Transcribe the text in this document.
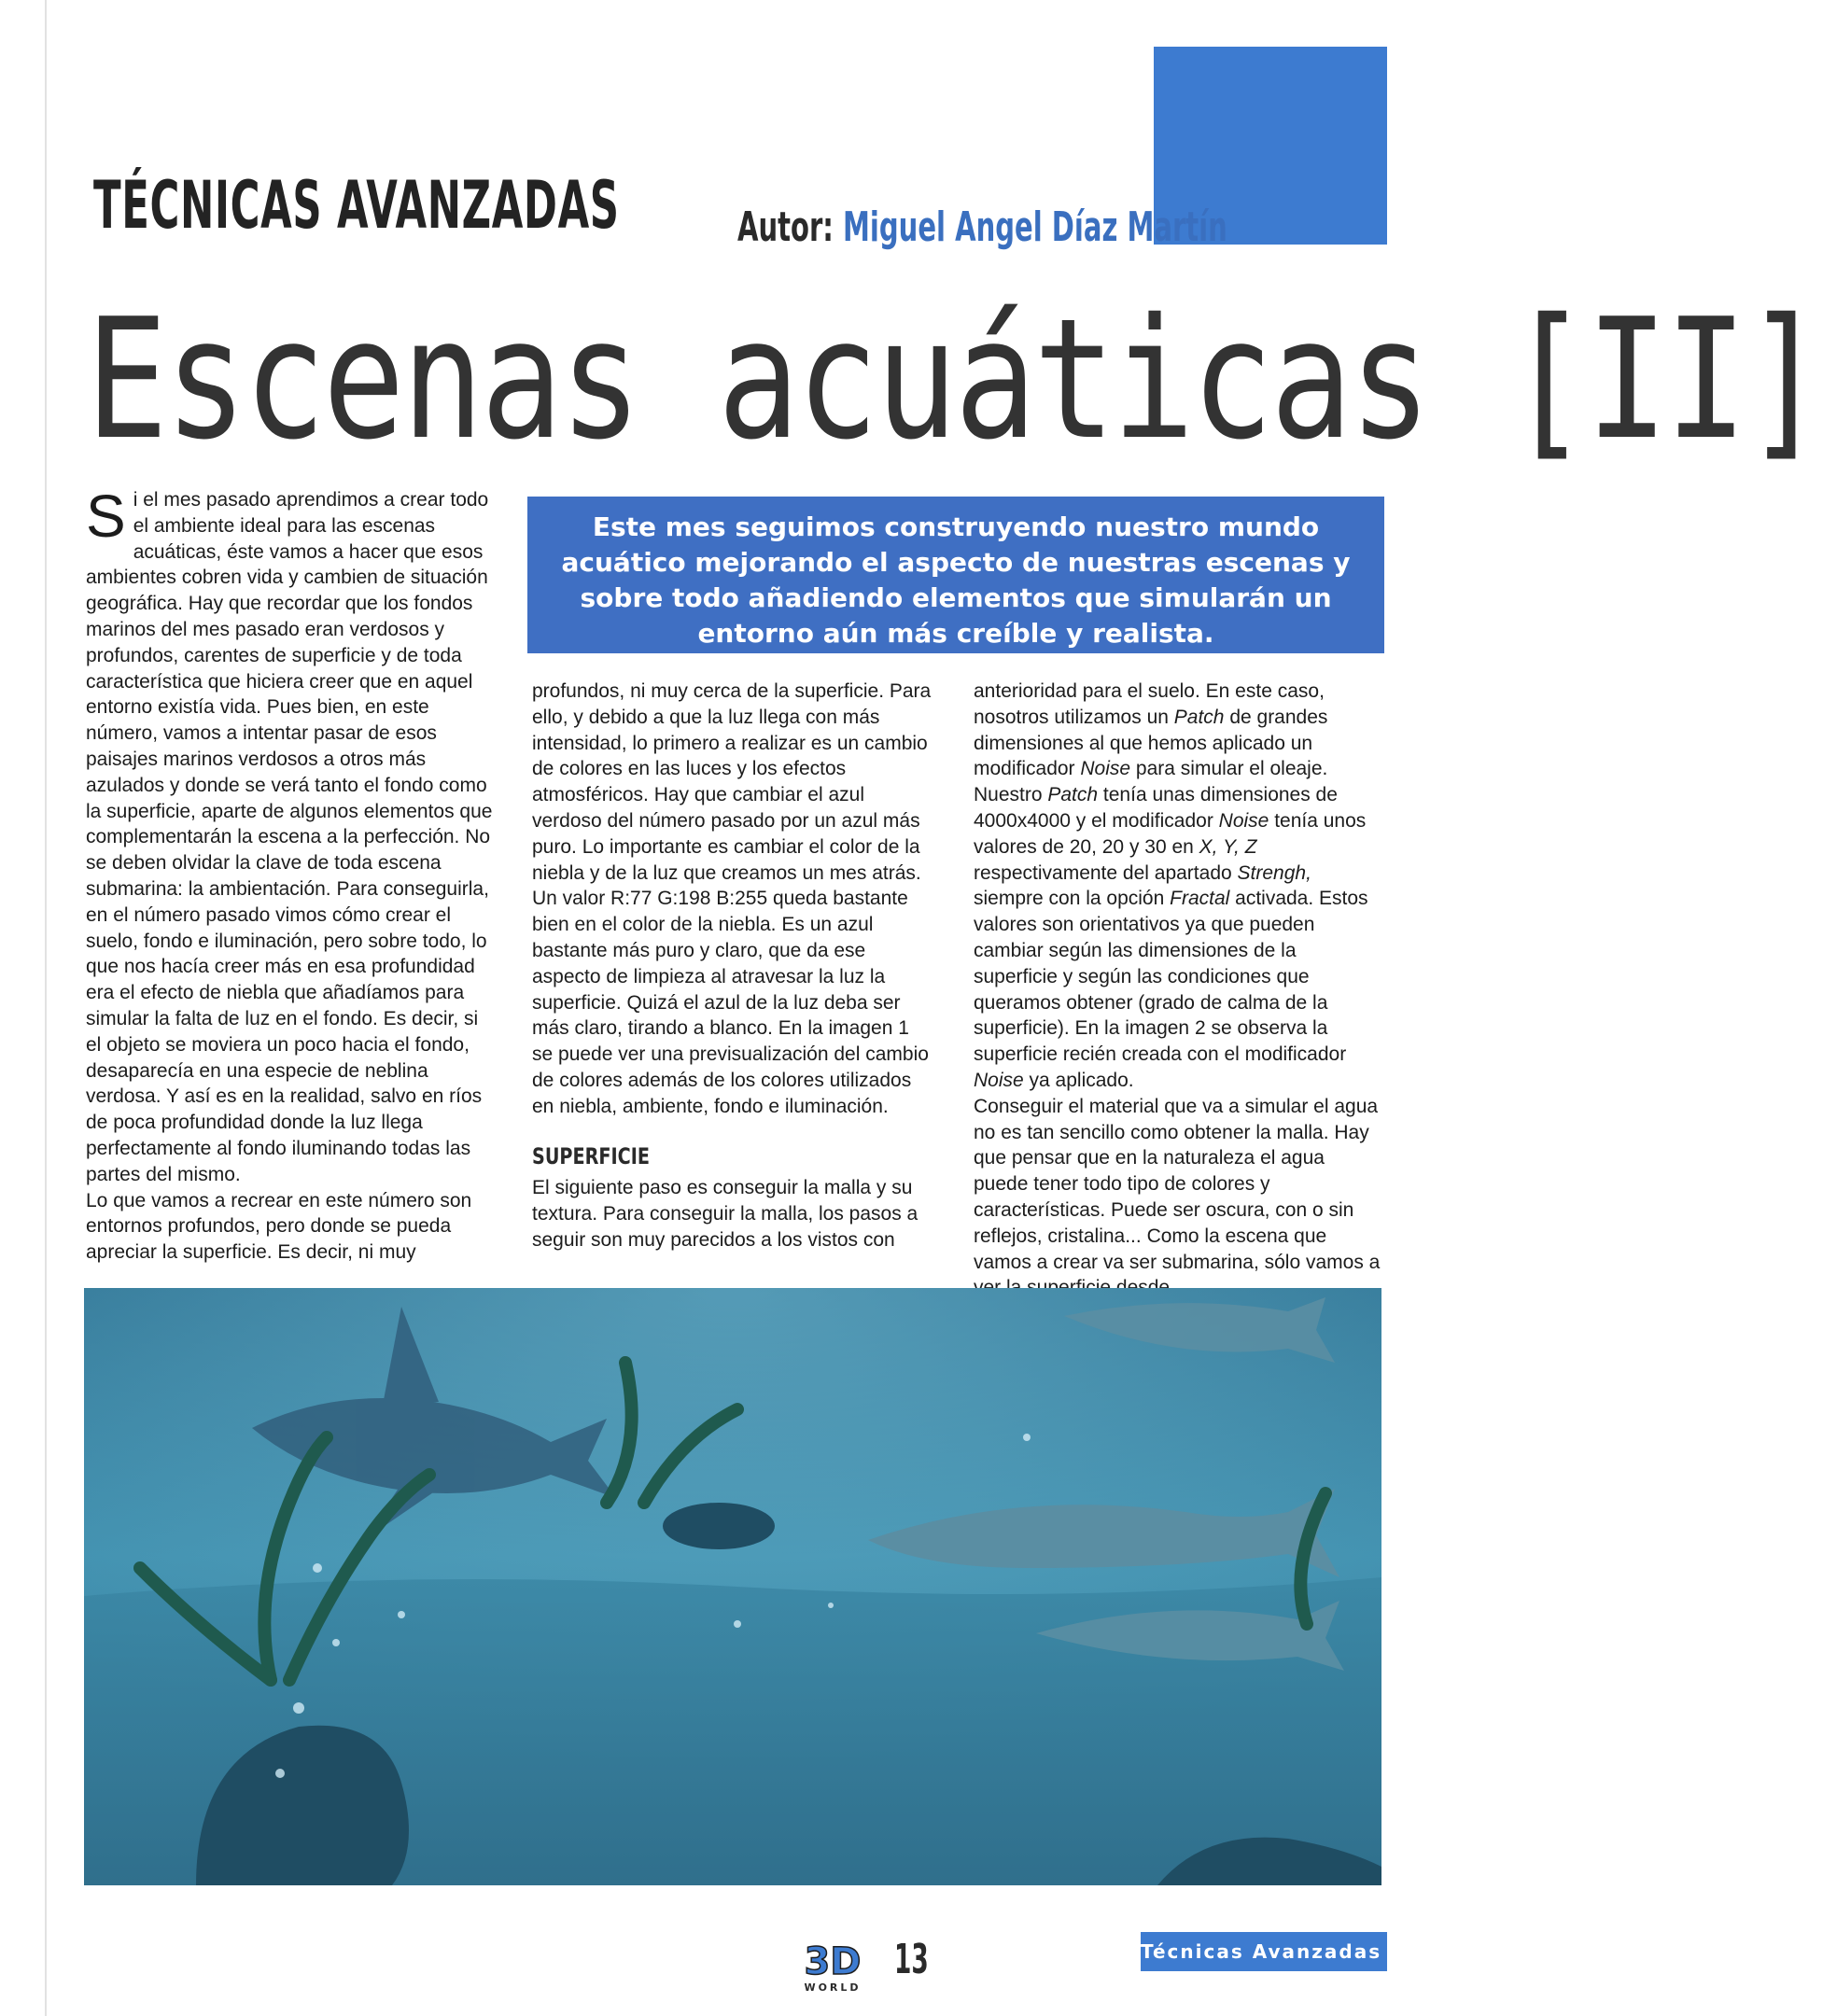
TÉCNICAS AVANZADAS	Autor: Miguel Angel Díaz Martín
Escenas acuáticas [II]
Este mes seguimos construyendo nuestro mundo acuático mejorando el aspecto de nuestras escenas y sobre todo añadiendo elementos que simularán un entorno aún más creíble y realista.
S i el mes pasado aprendimos a crear todo el ambiente ideal para las escenas acuáticas, éste vamos a hacer que esos ambientes cobren vida y cambien de situación geográfica. Hay que recordar que los fondos marinos del mes pasado eran verdosos y profundos, carentes de superficie y de toda característica que hiciera creer que en aquel entorno existía vida. Pues bien, en este número, vamos a intentar pasar de esos paisajes marinos verdosos a otros más azulados y donde se verá tanto el fondo como la superficie, aparte de algunos elementos que complementarán la escena a la perfección. No se deben olvidar la clave de toda escena submarina: la ambientación. Para conseguirla, en el número pasado vimos cómo crear el suelo, fondo e iluminación, pero sobre todo, lo que nos hacía creer más en esa profundidad era el efecto de niebla que añadíamos para simular la falta de luz en el fondo. Es decir, si el objeto se moviera un poco hacia el fondo, desaparecía en una especie de neblina verdosa. Y así es en la realidad, salvo en ríos de poca profundidad donde la luz llega perfectamente al fondo iluminando todas las partes del mismo.

Lo que vamos a recrear en este número son entornos profundos, pero donde se pueda apreciar la superficie. Es decir, ni muy

profundos, ni muy cerca de la superficie. Para ello, y debido a que la luz llega con más intensidad, lo primero a realizar es un cambio de colores en las luces y los efectos atmosféricos. Hay que cambiar el azul verdoso del número pasado por un azul más puro. Lo importante es cambiar el color de la niebla y de la luz que creamos un mes atrás. Un valor R:77 G:198 B:255 queda bastante bien en el color de la niebla. Es un azul bastante más puro y claro, que da ese aspecto de limpieza al atravesar la luz la superficie. Quizá el azul de la luz deba ser más claro, tirando a blanco. En la imagen 1 se puede ver una previsualización del cambio de colores además de los colores utilizados en niebla, ambiente, fondo e iluminación.

SUPERFICIE

El siguiente paso es conseguir la malla y su textura. Para conseguir la malla, los pasos a seguir son muy parecidos a los vistos con

anterioridad para el suelo. En este caso, nosotros utilizamos un Patch de grandes dimensiones al que hemos aplicado un modificador Noise para simular el oleaje. Nuestro Patch tenía unas dimensiones de 4000x4000 y el modificador Noise tenía unos valores de 20, 20 y 30 en X, Y, Z respectivamente del apartado Strengh, siempre con la opción Fractal activada. Estos valores son orientativos ya que pueden cambiar según las dimensiones de la superficie y según las condiciones que queramos obtener (grado de calma de la superficie). En la imagen 2 se observa la superficie recién creada con el modificador Noise ya aplicado.

Conseguir el material que va a simular el agua no es tan sencillo como obtener la malla. Hay que pensar que en la naturaleza el agua puede tener todo tipo de colores y características. Puede ser oscura, con o sin reflejos, cristalina... Como la escena que vamos a crear va ser submarina, sólo vamos a

3D
WORLD
13	Técnicas Avanzadas
